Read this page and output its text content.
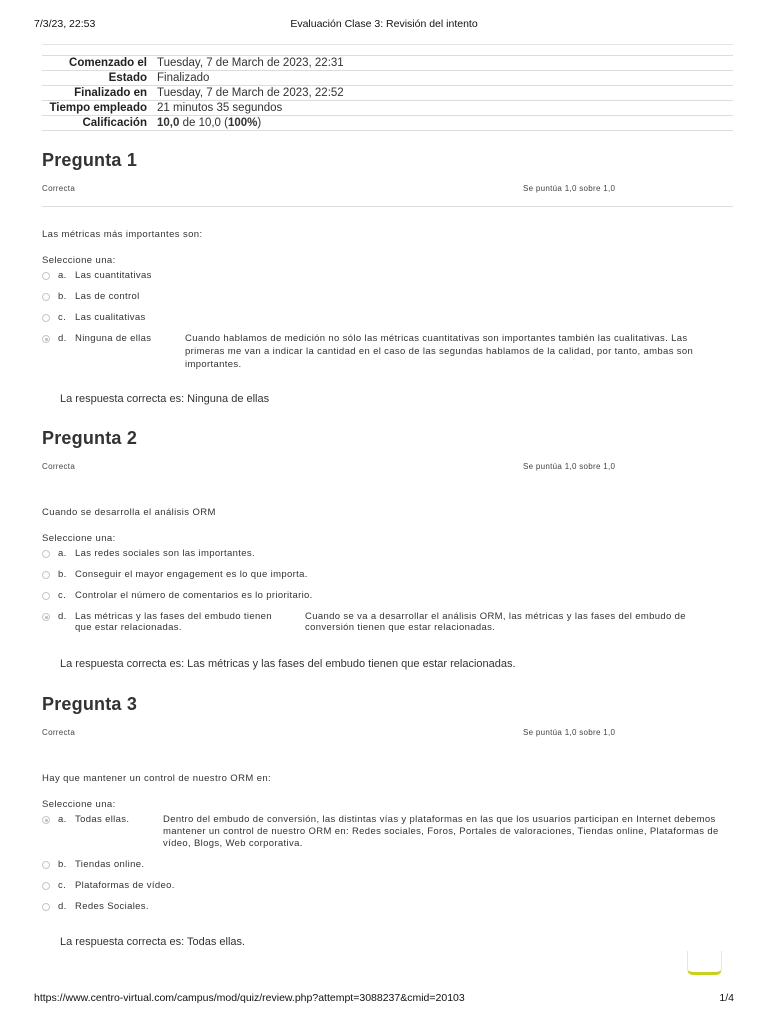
7/3/23, 22:53	Evaluación Clase 3: Revisión del intento
Comenzado el	Tuesday, 7 de March de 2023, 22:31
Estado	Finalizado
Finalizado en	Tuesday, 7 de March de 2023, 22:52
Tiempo empleado	21 minutos 35 segundos
Calificación	10,0 de 10,0 (100%)
Pregunta 1
Correcta	Se puntúa 1,0 sobre 1,0
Las métricas más importantes son:
Seleccione una:
a. Las cuantitativas
b. Las de control
c. Las cualitativas
d. Ninguna de ellas	Cuando hablamos de medición no sólo las métricas cuantitativas son importantes también las cualitativas. Las primeras me van a indicar la cantidad en el caso de las segundas hablamos de la calidad, por tanto, ambas son importantes.
La respuesta correcta es: Ninguna de ellas
Pregunta 2
Correcta	Se puntúa 1,0 sobre 1,0
Cuando se desarrolla el análisis ORM
Seleccione una:
a. Las redes sociales son las importantes.
b. Conseguir el mayor engagement es lo que importa.
c. Controlar el número de comentarios es lo prioritario.
d. Las métricas y las fases del embudo tienen que estar relacionadas.
Cuando se va a desarrollar el análisis ORM, las métricas y las fases del embudo de conversión tienen que estar relacionadas.
La respuesta correcta es: Las métricas y las fases del embudo tienen que estar relacionadas.
Pregunta 3
Correcta	Se puntúa 1,0 sobre 1,0
Hay que mantener un control de nuestro ORM en:
Seleccione una:
a. Todas ellas.	Dentro del embudo de conversión, las distintas vías y plataformas en las que los usuarios participan en Internet debemos mantener un control de nuestro ORM en: Redes sociales, Foros, Portales de valoraciones, Tiendas online, Plataformas de vídeo, Blogs, Web corporativa.
b. Tiendas online.
c. Plataformas de vídeo.
d. Redes Sociales.
La respuesta correcta es: Todas ellas.
https://www.centro-virtual.com/campus/mod/quiz/review.php?attempt=3088237&cmid=20103	1/4
